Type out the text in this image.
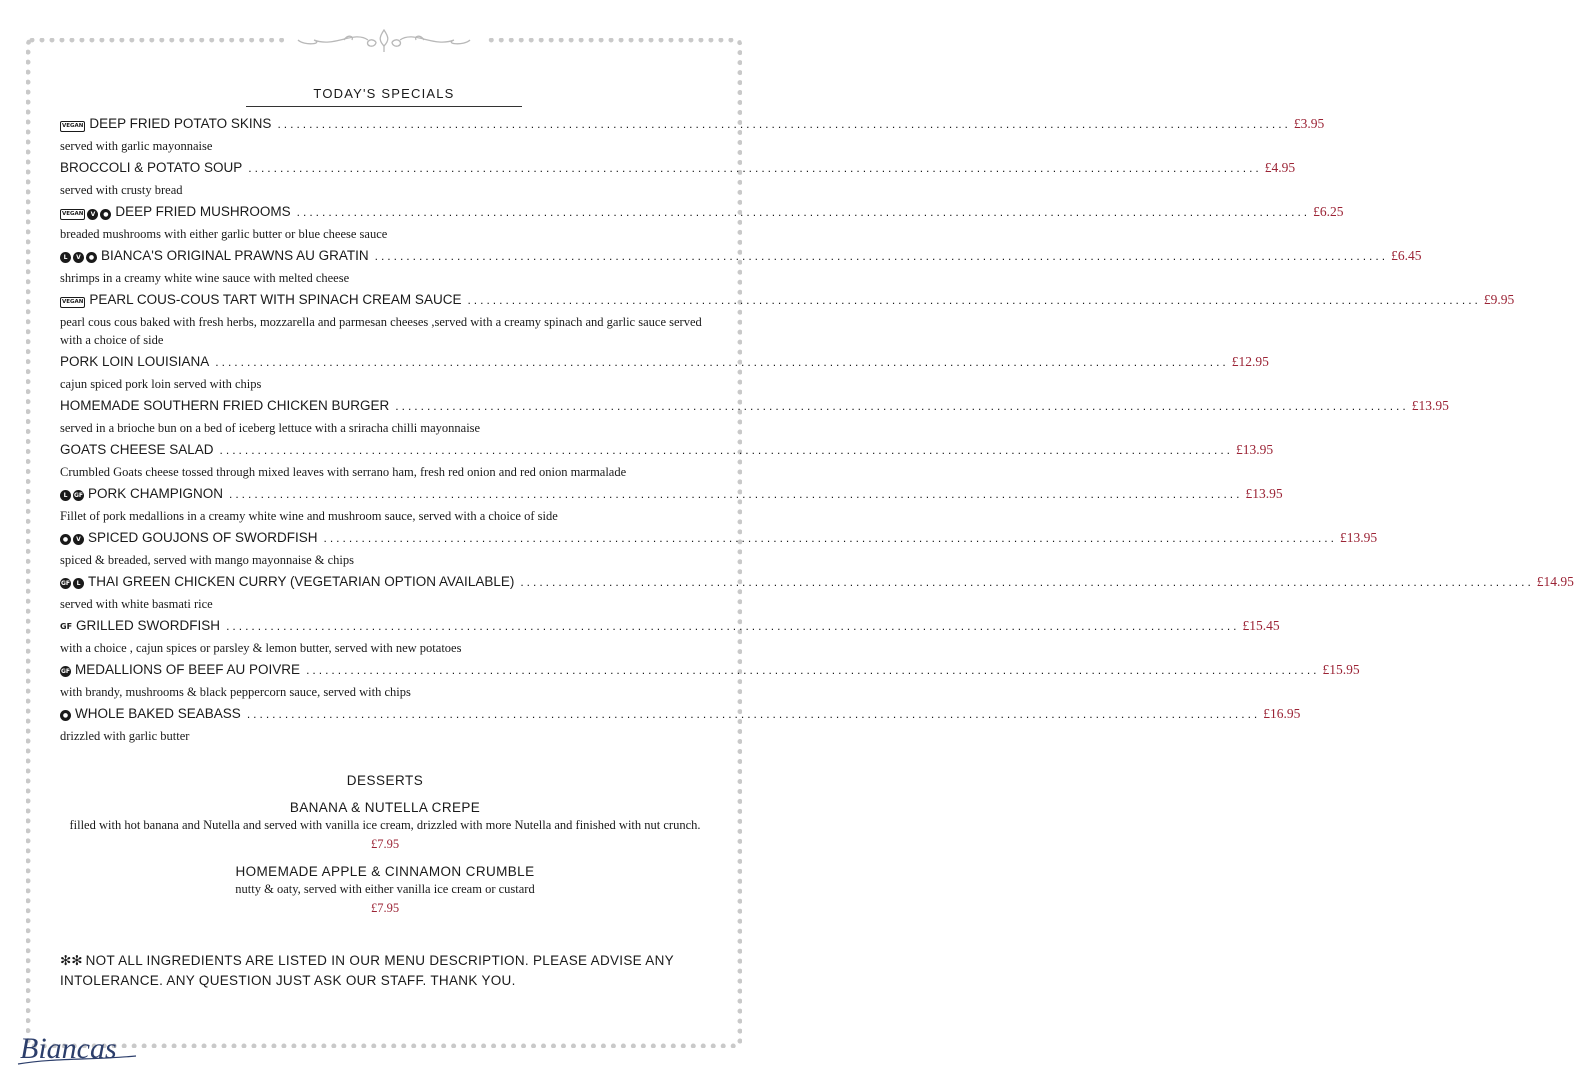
TODAY'S SPECIALS
VEGAN DEEP FRIED POTATO SKINS ................................................................................................................................................................ £3.95
served with garlic mayonnaise
BROCCOLI & POTATO SOUP ................................................................................................................................................................ £4.95
served with crusty bread
VEGAN	V	● DEEP FRIED MUSHROOMS ................................................................................................................................................................ £6.25
breaded mushrooms with either garlic butter or blue cheese sauce
L	V	● BIANCA'S ORIGINAL PRAWNS AU GRATIN ................................................................................................................................................................ £6.45
shrimps in a creamy white wine sauce with melted cheese
VEGAN PEARL COUS-COUS TART WITH SPINACH CREAM SAUCE ................................................................................................................................................................ £9.95
pearl cous cous baked with fresh herbs, mozzarella and parmesan cheeses ,served with a creamy spinach and garlic sauce served with a choice of side
PORK LOIN LOUISIANA ................................................................................................................................................................ £12.95
cajun spiced pork loin served with chips
HOMEMADE SOUTHERN FRIED CHICKEN BURGER ................................................................................................................................................................ £13.95
served in a brioche bun on a bed of iceberg lettuce with a sriracha chilli mayonnaise
GOATS CHEESE SALAD ................................................................................................................................................................ £13.95
Crumbled Goats cheese tossed through mixed leaves with serrano ham, fresh red onion and red onion marmalade
L	GF PORK CHAMPIGNON ................................................................................................................................................................ £13.95
Fillet of pork medallions in a creamy white wine and mushroom sauce, served with a choice of side
●	V SPICED GOUJONS OF SWORDFISH ................................................................................................................................................................ £13.95
spiced & breaded, served with mango mayonnaise & chips
GF	L THAI GREEN CHICKEN CURRY (VEGETARIAN OPTION AVAILABLE) ................................................................................................................................................................ £14.95
served with white basmati rice
GF GRILLED SWORDFISH ................................................................................................................................................................ £15.45
with a choice , cajun spices or parsley & lemon butter, served with new potatoes
GF MEDALLIONS OF BEEF AU POIVRE ................................................................................................................................................................ £15.95
with brandy, mushrooms & black peppercorn sauce, served with chips
● WHOLE BAKED SEABASS ................................................................................................................................................................ £16.95
drizzled with garlic butter
DESSERTS
BANANA & NUTELLA CREPE
filled with hot banana and Nutella and served with vanilla ice cream, drizzled with more Nutella and finished with nut crunch.
£7.95
HOMEMADE APPLE & CINNAMON CRUMBLE
nutty & oaty, served with either vanilla ice cream or custard
£7.95
✻✻ NOT ALL INGREDIENTS ARE LISTED IN OUR MENU DESCRIPTION. PLEASE ADVISE ANY INTOLERANCE. ANY QUESTION JUST ASK OUR STAFF. THANK YOU.
Biancas
